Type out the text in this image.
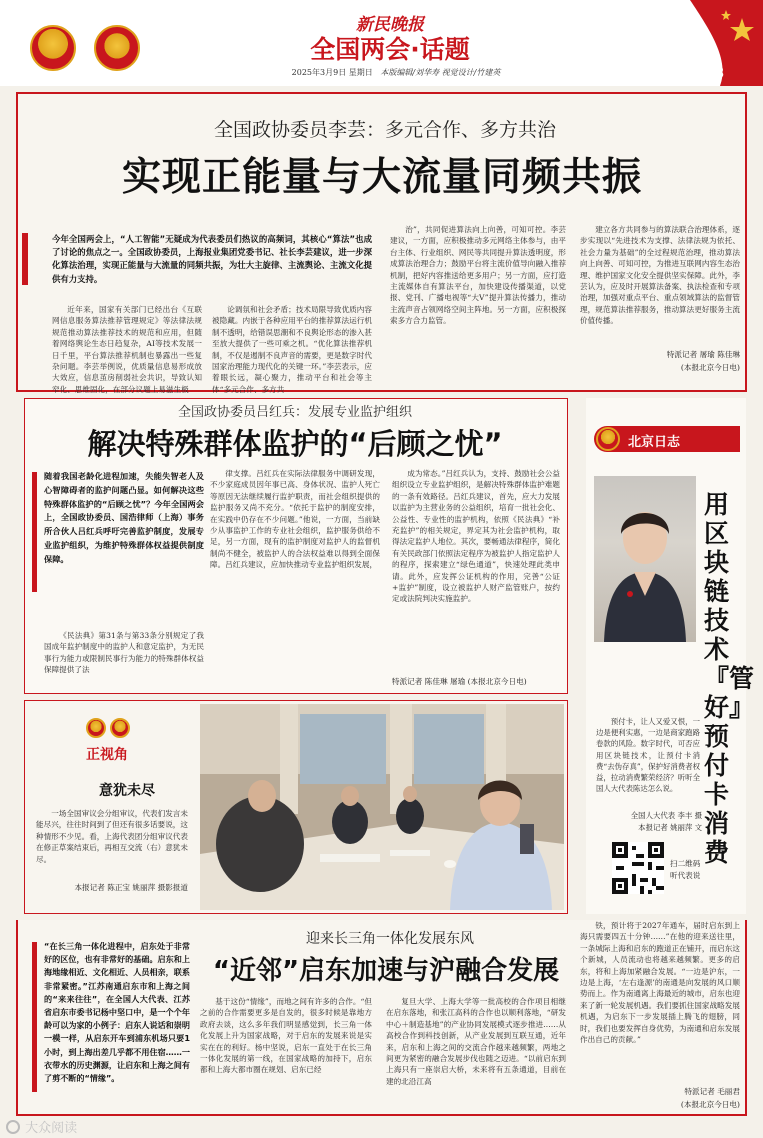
新民晚报
全国两会·话题
2025年3月9日 星期日 本版编辑/刘华寿 视觉设计/竹建英	3
全国政协委员李芸：多元合作、多方共治
实现正能量与大流量同频共振
今年全国两会上，“人工智能”无疑成为代表委员们热议的高频词，其核心“算法”也成了讨论的焦点之一。全国政协委员，上海报业集团党委书记、社长李芸建议，进一步深化算法治理，实现正能量与大流量的同频共振，为壮大主旋律、主流舆论、主流文化提供有力支持。

近年来，国家有关部门已经出台《互联网信息服务算法推荐管理规定》等法律法规规范推动算法推荐技术的规范和应用，但随着网络舆论生态日趋复杂，AI等技术发展一日千里，平台算法推荐机制也暴露出一些复杂问题。李芸举例说，优质量信息易形成放大效应，信息茧房削弱社会共识，导致认知窄化、思维固化，在部分议题上易滋生极

论调氛和社会矛盾；技术局限导致优质内容被隐藏。内嵌于各种应用平台的推荐算法运行机制不透明，给错误思潮和不良舆论形态的渗入甚至放大提供了一些可乘之机。“优化算法推荐机制，不仅是遏制不良声音的需要，更是数字时代国家治理能力现代化的关键一环。”李芸表示，应着眼长远，凝心聚力，推动平台和社会等主体“多元合作、多方共

治”，共同促进算法向上向善，可知可控。李芸建议，一方面，应积极推动多元网络主体参与，由平台主体、行业组织、网民等共同提升算法透明度，形成算法治理合力；鼓励平台将主流价值导向融入推荐机制，把好内容推送给更多用户；另一方面，应打造主流媒体自有算法平台，加快建设传播渠道，以党报、党刊、广播电视等“大V”提升算法传播力，推动主流声音占领网络空间主阵地。另一方面，应积极探索多方合力监管。

建立各方共同参与的算法联合治理体系，逐步实现以“先进技术为支撑、法律法规为依托、社会力量为基础”的全过程规范治理，推动算法向上向善、可知可控，为推进互联网内容生态治理、维护国家文化安全提供坚实保障。此外，李芸认为，应及时开展算法备案、执法检查和专项治理，加强对重点平台、重点领域算法的监督管理，规范算法推荐服务，推动算法更好服务主流价值传播。

特派记者 屠瑜 陈佳琳
(本报北京今日电)
全国政协委员吕红兵：发展专业监护组织
解决特殊群体监护的“后顾之忧”
随着我国老龄化进程加速，失能失智老人及心智障碍者的监护问题凸显。如何解决这些特殊群体监护的“后顾之忧”？今年全国两会上，全国政协委员、国浩律师（上海）事务所合伙人吕红兵呼吁完善监护制度，发展专业监护组织，为维护特殊群体权益提供制度保障。

《民法典》第31条与第33条分别规定了我国成年监护制度中的监护人和意定监护，为无民事行为能力或限制民事行为能力的特殊群体权益保障提供了法

律支撑。吕红兵在实际法律服务中调研发现，不少家庭成员因年事已高、身体状况、监护人死亡等原因无法继续履行监护职责，而社会组织提供的监护服务又尚不充分。“依托于监护的制度安排，在实践中仍存在不少问题。”他说，一方面，当前缺少从事监护工作的专业社会组织，监护服务供给不足，另一方面，现有的监护制度对监护人的监督机制尚不健全，被监护人的合法权益难以得到全面保障。吕红兵建议，应加快推动专业监护组织发展，

成为常态。”吕红兵认为，支持、鼓励社会公益组织设立专业监护组织，是解决特殊群体监护难题的一条有效路径。吕红兵建议，首先，应大力发展以监护为主营业务的公益组织，培育一批社会化、公益性、专业性的监护机构，依照《民法典》“补充监护”的相关规定，界定其为社会监护机构，取得法定监护人地位。其次，要畅通法律程序，简化有关民政部门依照法定程序为被监护人指定监护人的程序，探索建立“绿色通道”，快速处理此类申请。此外，应发挥公证机构的作用，完善“公证+监护”制度，设立被监护人财产监管账户，按约定或法院判决实施监护。

特派记者 陈佳琳 屠瑜 (本报北京今日电)
北京日志
用区块链技术『管好』预付卡消费

预付卡，让人又爱又恨，一边是便利实惠，一边是商家跑路卷款的风险。数字时代，可否应用区块链技术，让预付卡消费“去伪存真”，保护好消费者权益，拉动消费繁荣经济？听听全国人大代表陈达怎么说。

全国人大代表 李丰 摄
本报记者 姚丽萍 文
扫二维码
听代表说
正视角
意犹未尽

一场全国审议会分组审议，代表们发言未能尽兴，往往时间到了但还有很多话要说，这种情形不少见。看，上海代表团分组审议代表在修正草案结束后，再相互交流（右）意犹未尽。

本报记者 陈正宝 姚丽萍 摄影报道
迎来长三角一体化发展东风
“近邻”启东加速与沪融合发展
“在长三角一体化进程中，启东处于非常好的区位，也有非常好的基础。启东和上海地缘相近、文化相近、人员相亲，联系非常紧密。”江苏南通启东市和上海之间的“来来往往”，在全国人大代表、江苏省启东市委书记杨中坚口中，是一个个年龄可以为家的小例子：启东人说话和崇明一模一样，从启东开车到浦东机场只要1小时，到上海出差几乎都不用住宿……一衣带水的历史渊源，让启东和上海之间有了剪不断的“情缘”。

基于这份“情缘”，而地之间有许多的合作。“但之前的合作需要更多是自发的，很多时候是靠地方政府去谈，这么多年我们明显感觉到，长三角一体化发展上升为国家战略，对于启东的发展来说是实实在在的利好。杨中坚说，启东一直处于在长三角一体化发展的第一线，在国家战略的加持下，启东都和上海大都市圈在规划、启东已经

复旦大学、上海大学等一批高校的合作项目相继在启东落地，和张江高科的合作也以顺利落地，“研发中心＋制造基地”的产业协同发展模式逐步推进……从高校合作到科技创新，从产业发展到互联互通，近年来，启东和上海之间的交流合作越来越频繁，两地之间更为紧密的融合发展步伐也随之迈进。“以前启东到上海只有一座崇启大桥，未来将有五条通道，目前在建的北沿江高

铁，预计将于2027年通车，届时启东到上海只需要四五十分钟……”在他的迎来送往里，一条城际上海和启东的跑道正在铺开，而启东这个新城，人员流动也将越来越频繁。更多的启东，将和上海加紧融合发展。“一边是沪东，一边是上海，‘左右逢源’的南通是向发展的风口顺势而上。作为南通离上海最近的城市，启东也迎来了新一轮发展机遇。我们要抓住国家战略发展机遇，为启东下一步发展插上腾飞的翅膀，同时，我们也要发挥自身优势，为南通和启东发展作出自己的贡献。”

特派记者 毛丽君
(本报北京今日电)
大众阅读
